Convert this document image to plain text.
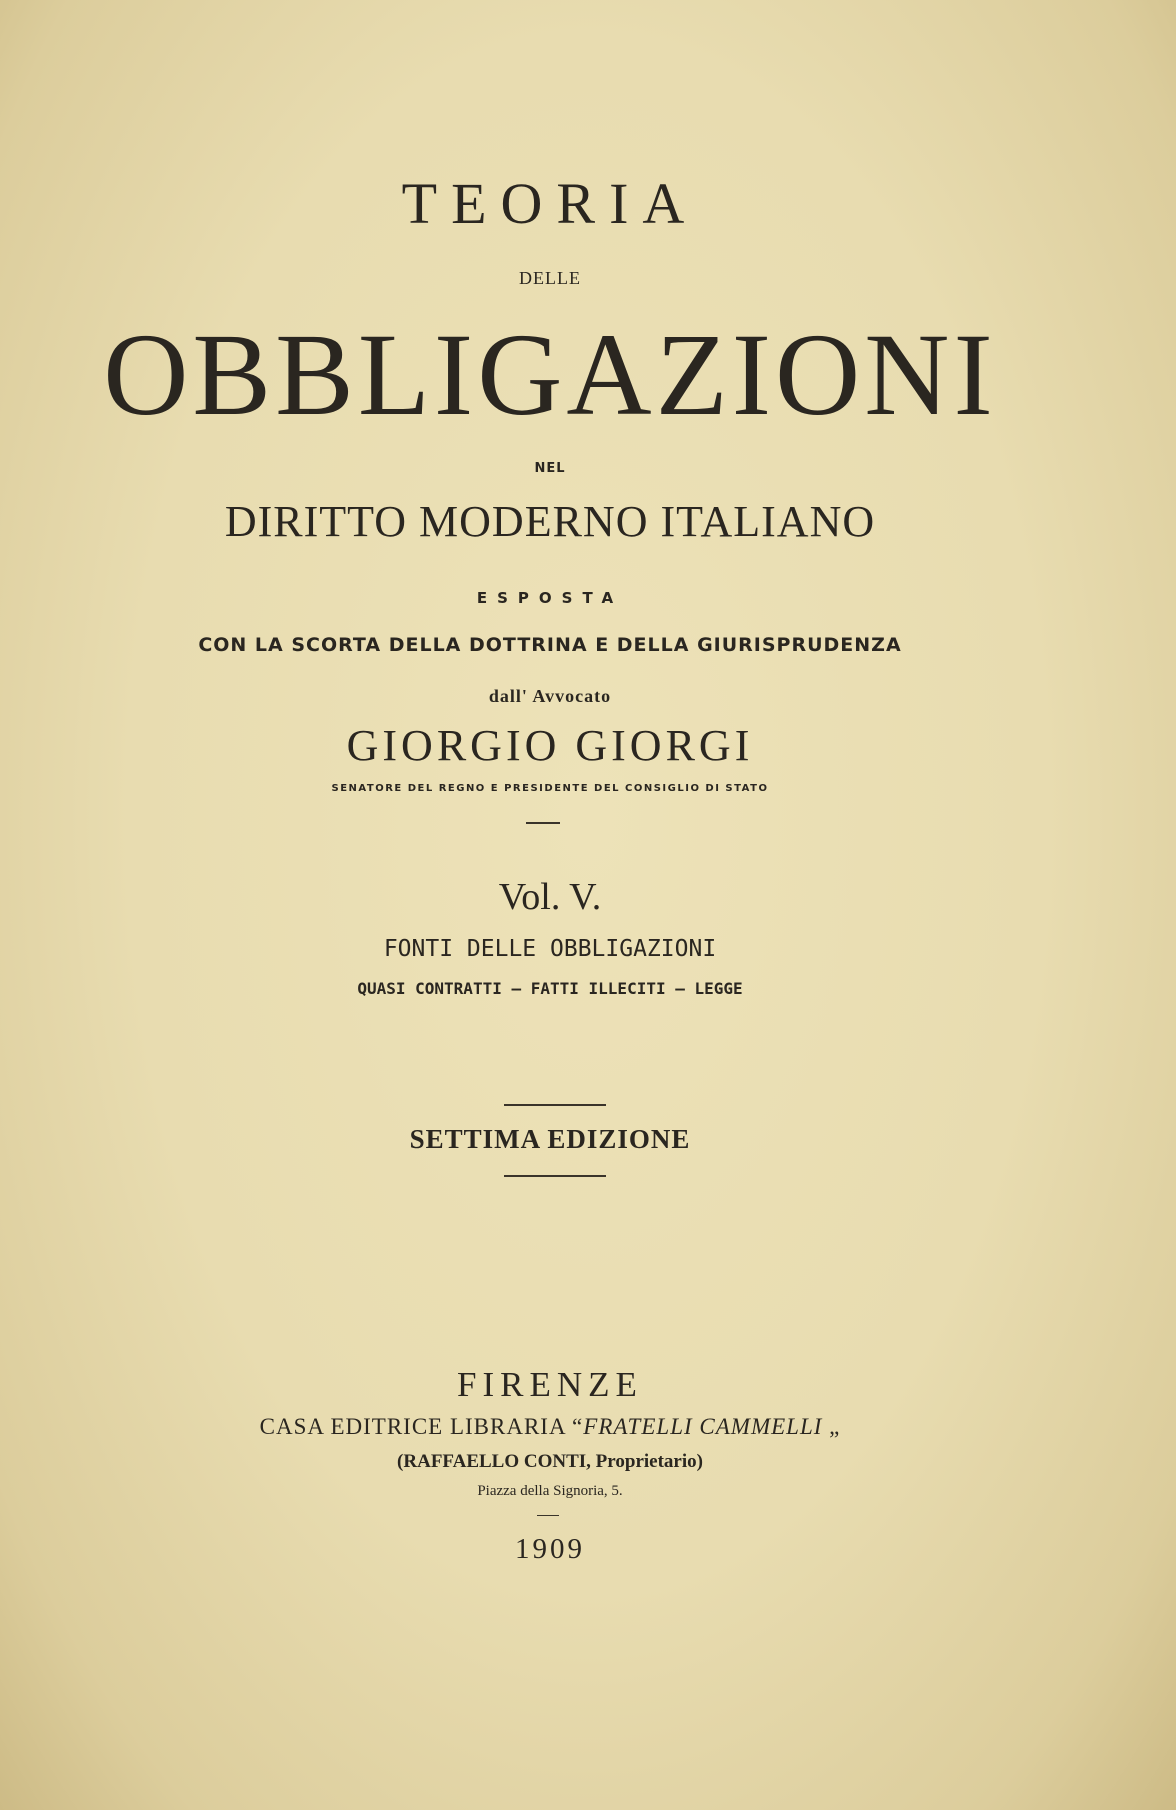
TEORIA
DELLE
OBBLIGAZIONI
NEL
DIRITTO MODERNO ITALIANO
ESPOSTA
CON LA SCORTA DELLA DOTTRINA E DELLA GIURISPRUDENZA
dall' Avvocato
GIORGIO GIORGI
SENATORE DEL REGNO E PRESIDENTE DEL CONSIGLIO DI STATO
Vol. V.
FONTI DELLE OBBLIGAZIONI
QUASI CONTRATTI — FATTI ILLECITI — LEGGE
SETTIMA EDIZIONE
FIRENZE
CASA EDITRICE LIBRARIA “FRATELLI CAMMELLI „
(RAFFAELLO CONTI, Proprietario)
Piazza della Signoria, 5.
1909
